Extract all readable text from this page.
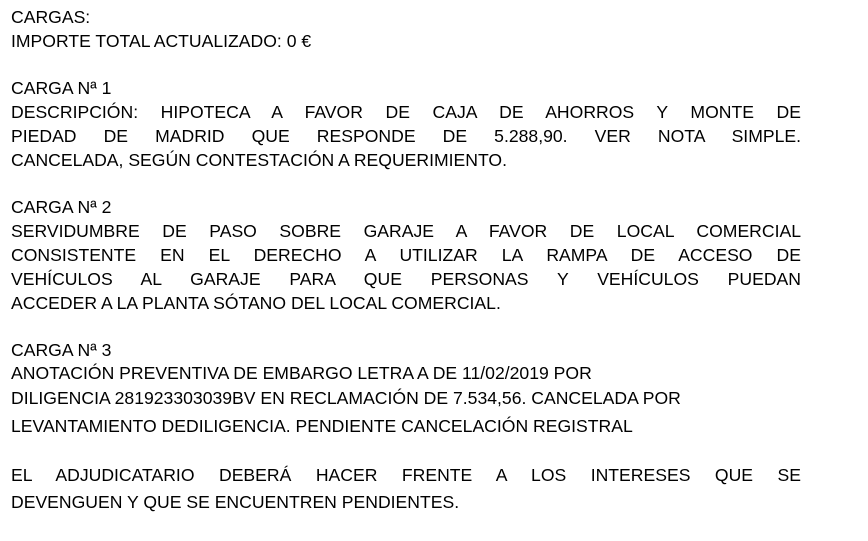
CARGAS:
IMPORTE TOTAL ACTUALIZADO: 0 €
CARGA Nª 1
DESCRIPCIÓN: HIPOTECA A FAVOR DE CAJA DE AHORROS Y MONTE DE
PIEDAD DE MADRID QUE RESPONDE DE 5.288,90. VER NOTA SIMPLE.
CANCELADA, SEGÚN CONTESTACIÓN A REQUERIMIENTO.
CARGA Nª 2
SERVIDUMBRE DE PASO SOBRE GARAJE A FAVOR DE LOCAL COMERCIAL
CONSISTENTE EN EL DERECHO A UTILIZAR LA RAMPA DE ACCESO DE
VEHÍCULOS AL GARAJE PARA QUE PERSONAS Y VEHÍCULOS PUEDAN
ACCEDER A LA PLANTA SÓTANO DEL LOCAL COMERCIAL.
CARGA Nª 3
ANOTACIÓN PREVENTIVA DE EMBARGO LETRA A DE 11/02/2019 POR
DILIGENCIA 281923303039BV EN RECLAMACIÓN DE 7.534,56. CANCELADA POR
LEVANTAMIENTO DEDILIGENCIA. PENDIENTE CANCELACIÓN REGISTRAL
EL ADJUDICATARIO DEBERÁ HACER FRENTE A LOS INTERESES QUE SE
DEVENGUEN Y QUE SE ENCUENTREN PENDIENTES.
